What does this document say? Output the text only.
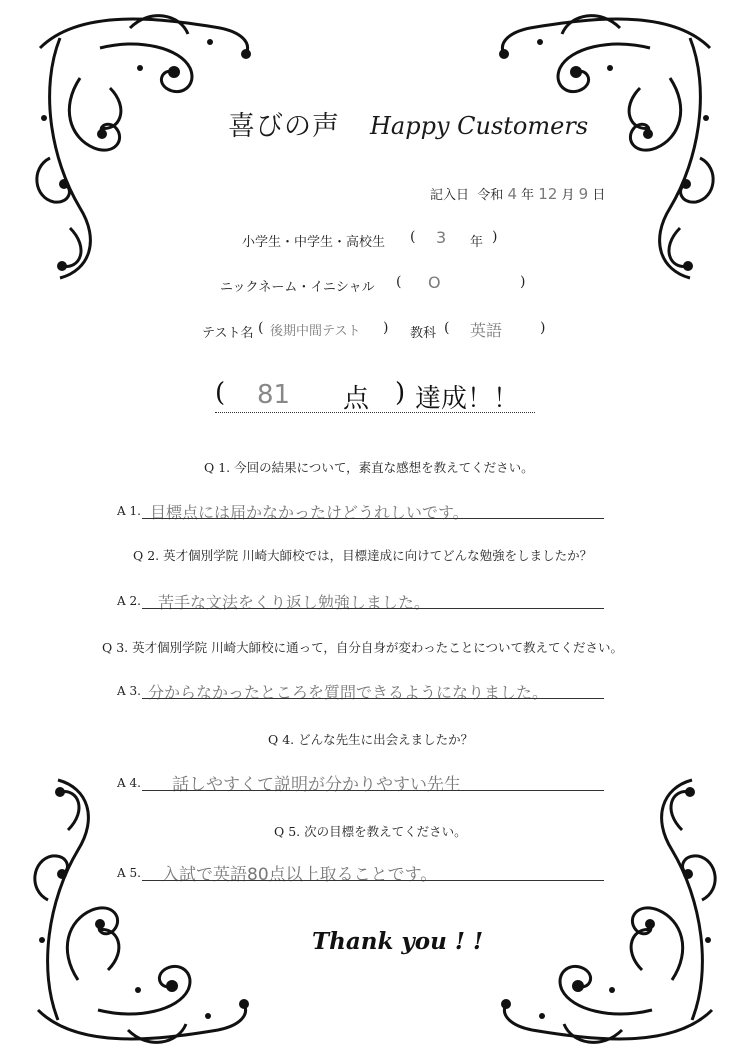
喜びの声 Happy Customers
記入日 令和 4 年 12 月 9 日
小学生・中学生・高校生 ( 3 年 )
ニックネーム・イニシャル ( O	)
テスト名 ( 後期中間テスト ) 教科 ( 英語	)
( 81 点 ) 達成！！
Q 1. 今回の結果について，素直な感想を教えてください。
A 1. 目標点には届かなかったけどうれしいです。
Q 2. 英才個別学院 川崎大師校では，目標達成に向けてどんな勉強をしましたか？
A 2. 苦手な文法をくり返し勉強しました。
Q 3. 英才個別学院 川崎大師校に通って，自分自身が変わったことについて教えてください。
A 3. 分からなかったところを質問できるようになりました。
Q 4. どんな先生に出会えましたか？
A 4. 話しやすくて説明が分かりやすい先生
Q 5. 次の目標を教えてください。
A 5. 入試で英語80点以上取ることです。
Thank you ! !
